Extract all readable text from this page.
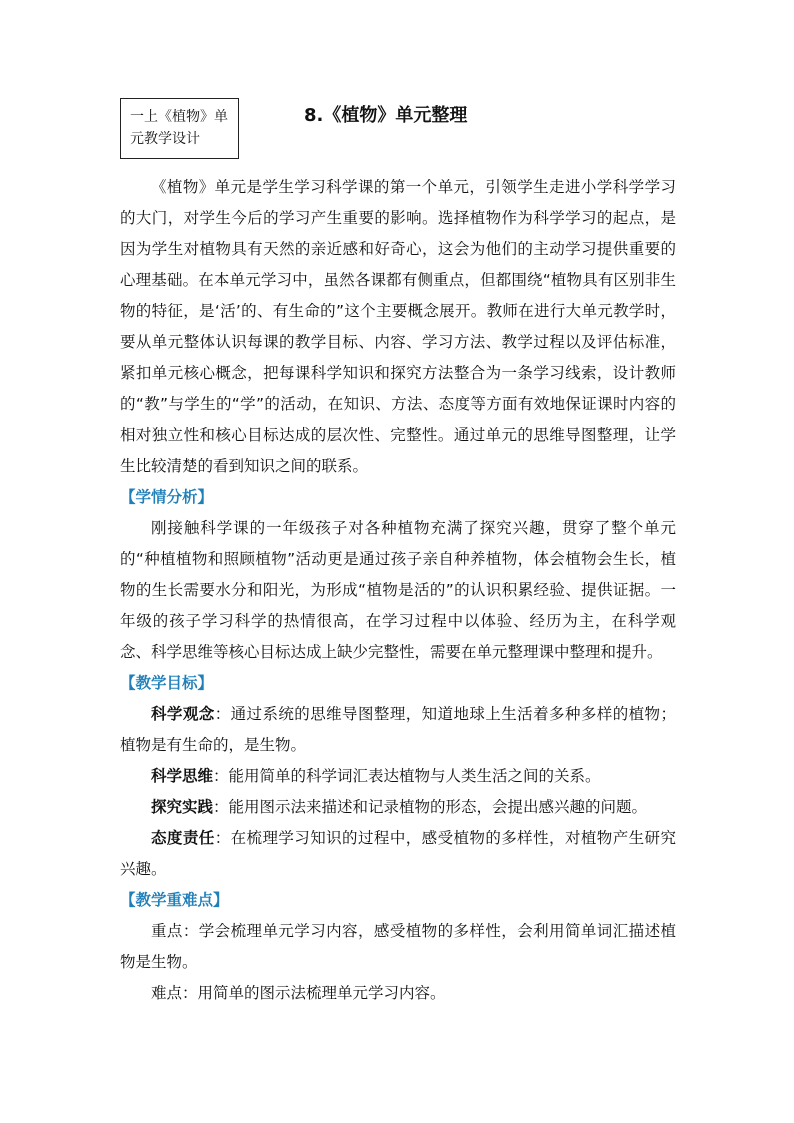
一上《植物》单
元教学设计
8.《植物》单元整理

《植物》单元是学生学习科学课的第一个单元，引领学生走进小学科学学习的大门，对学生今后的学习产生重要的影响。选择植物作为科学学习的起点，是因为学生对植物具有天然的亲近感和好奇心，这会为他们的主动学习提供重要的心理基础。在本单元学习中，虽然各课都有侧重点，但都围绕“植物具有区别非生物的特征，是‘活’的、有生命的”这个主要概念展开。教师在进行大单元教学时，要从单元整体认识每课的教学目标、内容、学习方法、教学过程以及评估标准，紧扣单元核心概念，把每课科学知识和探究方法整合为一条学习线索，设计教师的“教”与学生的“学”的活动，在知识、方法、态度等方面有效地保证课时内容的相对独立性和核心目标达成的层次性、完整性。通过单元的思维导图整理，让学生比较清楚的看到知识之间的联系。

【学情分析】

刚接触科学课的一年级孩子对各种植物充满了探究兴趣，贯穿了整个单元的“种植植物和照顾植物”活动更是通过孩子亲自种养植物，体会植物会生长，植物的生长需要水分和阳光，为形成“植物是活的”的认识积累经验、提供证据。一年级的孩子学习科学的热情很高，在学习过程中以体验、经历为主，在科学观念、科学思维等核心目标达成上缺少完整性，需要在单元整理课中整理和提升。

【教学目标】

科学观念：通过系统的思维导图整理，知道地球上生活着多种多样的植物；植物是有生命的，是生物。

科学思维：能用简单的科学词汇表达植物与人类生活之间的关系。

探究实践：能用图示法来描述和记录植物的形态，会提出感兴趣的问题。

态度责任：在梳理学习知识的过程中，感受植物的多样性，对植物产生研究兴趣。

【教学重难点】

重点：学会梳理单元学习内容，感受植物的多样性，会利用简单词汇描述植物是生物。

难点：用简单的图示法梳理单元学习内容。
